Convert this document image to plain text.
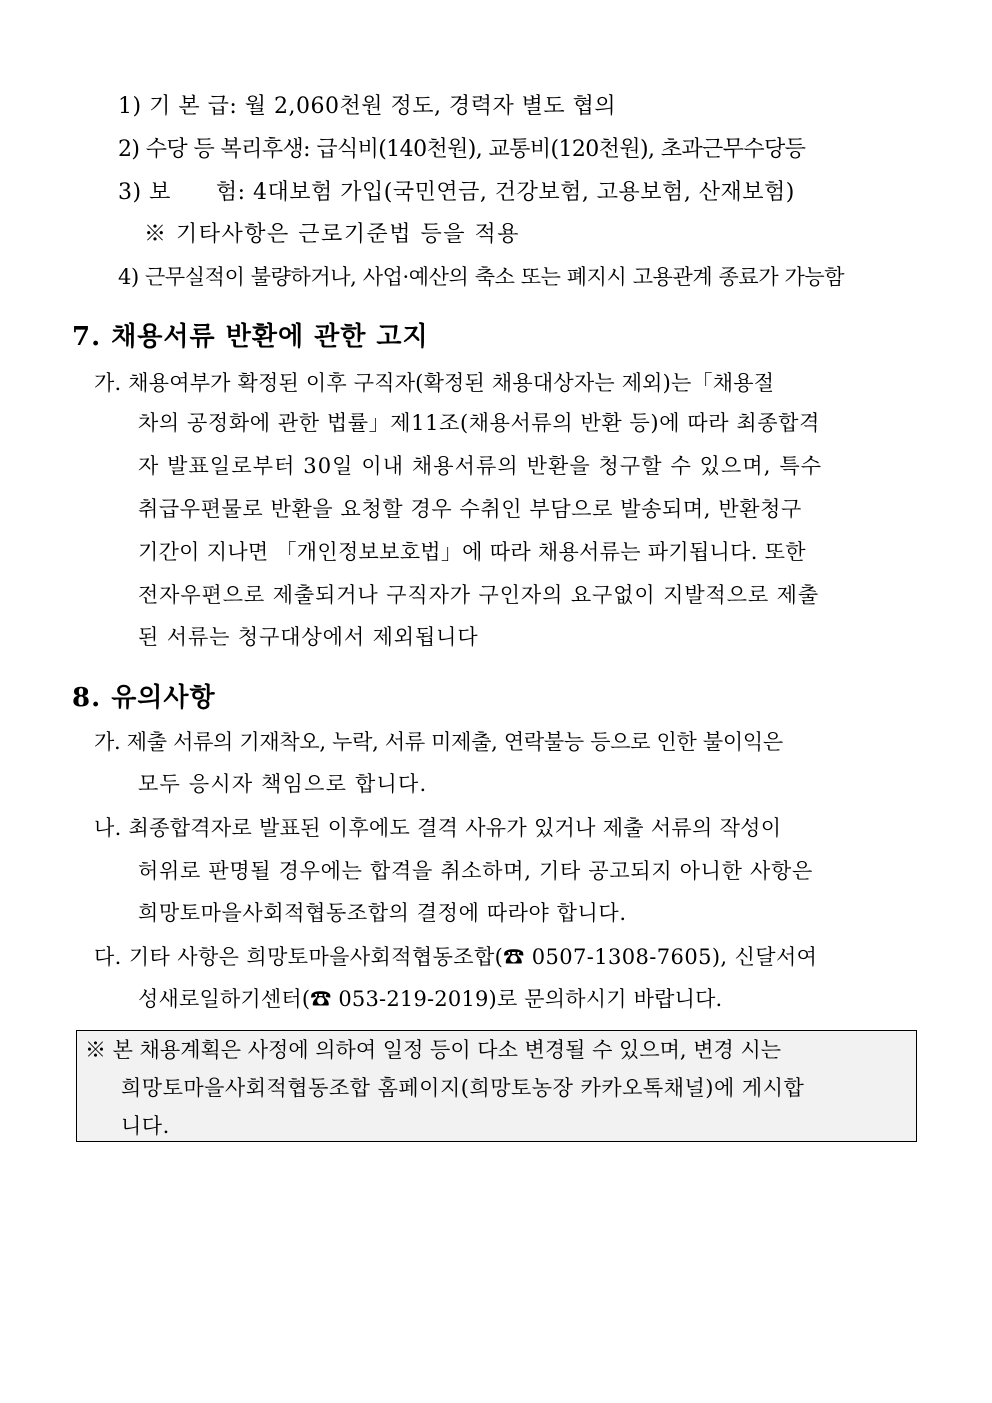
1) 기 본 급: 월 2,060천원 정도, 경력자 별도 협의
2) 수당 등 복리후생: 급식비(140천원), 교통비(120천원), 초과근무수당등
3) 보　　험: 4대보험 가입(국민연금, 건강보험, 고용보험, 산재보험)
※ 기타사항은 근로기준법 등을 적용
4) 근무실적이 불량하거나, 사업·예산의 축소 또는 폐지시 고용관계 종료가 가능함
7. 채용서류 반환에 관한 고지
가. 채용여부가 확정된 이후 구직자(확정된 채용대상자는 제외)는「채용절
차의 공정화에 관한 법률」제11조(채용서류의 반환 등)에 따라 최종합격
자 발표일로부터 30일 이내 채용서류의 반환을 청구할 수 있으며, 특수
취급우편물로 반환을 요청할 경우 수취인 부담으로 발송되며, 반환청구
기간이 지나면 「개인정보보호법」에 따라 채용서류는 파기됩니다. 또한
전자우편으로 제출되거나 구직자가 구인자의 요구없이 지발적으로 제출
된 서류는 청구대상에서 제외됩니다
8. 유의사항
가. 제출 서류의 기재착오, 누락, 서류 미제출, 연락불능 등으로 인한 불이익은
모두 응시자 책임으로 합니다.
나. 최종합격자로 발표된 이후에도 결격 사유가 있거나 제출 서류의 작성이
허위로 판명될 경우에는 합격을 취소하며, 기타 공고되지 아니한 사항은
희망토마을사회적협동조합의 결정에 따라야 합니다.
다. 기타 사항은 희망토마을사회적협동조합(☎ 0507-1308-7605), 신달서여
성새로일하기센터(☎ 053-219-2019)로 문의하시기 바랍니다.
※ 본 채용계획은 사정에 의하여 일정 등이 다소 변경될 수 있으며, 변경 시는
희망토마을사회적협동조합 홈페이지(희망토농장 카카오톡채널)에 게시합
니다.
